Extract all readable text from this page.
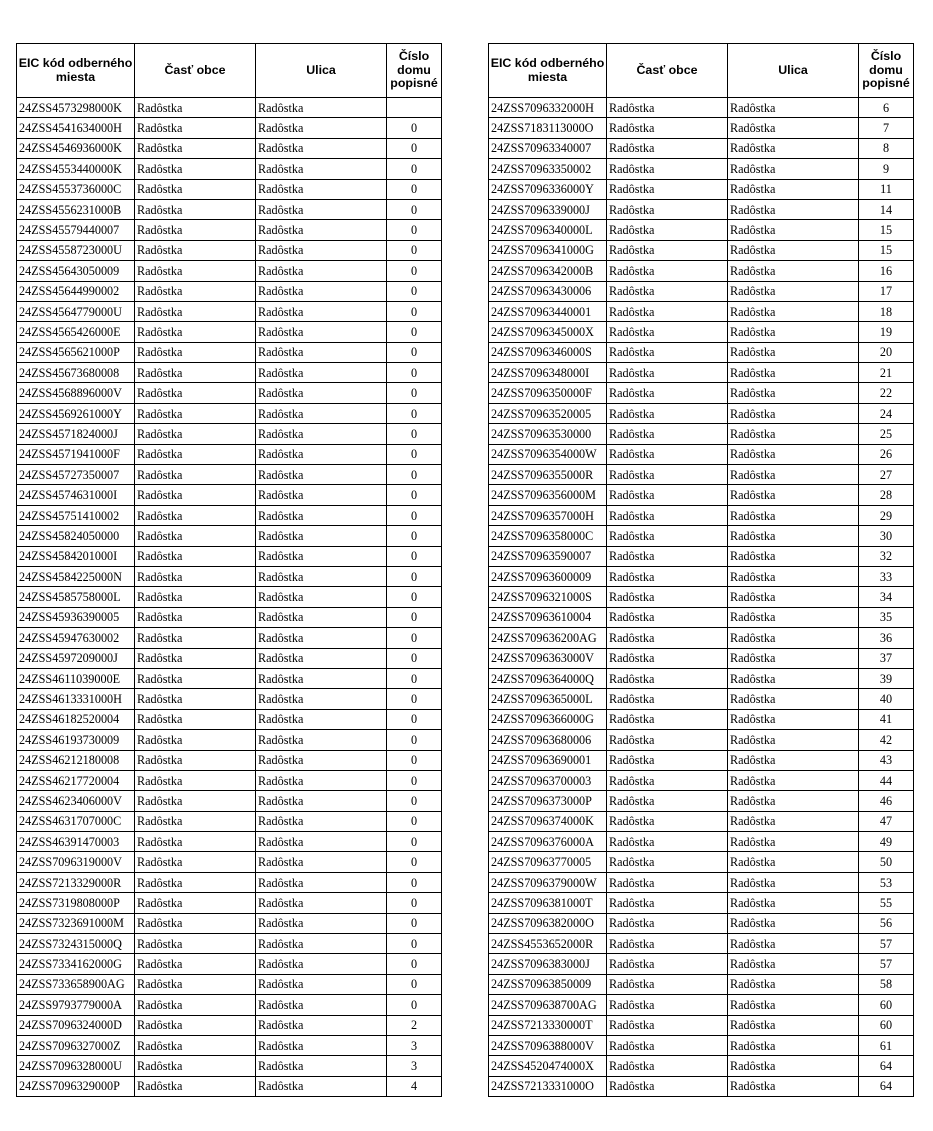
EIC kód odberného miesta	Časť obce	Ulica	Číslo domu popisné
24ZSS4573298000K	Radôstka	Radôstka	
24ZSS4541634000H	Radôstka	Radôstka	0
24ZSS4546936000K	Radôstka	Radôstka	0
24ZSS4553440000K	Radôstka	Radôstka	0
24ZSS4553736000C	Radôstka	Radôstka	0
24ZSS4556231000B	Radôstka	Radôstka	0
24ZSS45579440007	Radôstka	Radôstka	0
24ZSS4558723000U	Radôstka	Radôstka	0
24ZSS45643050009	Radôstka	Radôstka	0
24ZSS45644990002	Radôstka	Radôstka	0
24ZSS4564779000U	Radôstka	Radôstka	0
24ZSS4565426000E	Radôstka	Radôstka	0
24ZSS4565621000P	Radôstka	Radôstka	0
24ZSS45673680008	Radôstka	Radôstka	0
24ZSS4568896000V	Radôstka	Radôstka	0
24ZSS4569261000Y	Radôstka	Radôstka	0
24ZSS4571824000J	Radôstka	Radôstka	0
24ZSS4571941000F	Radôstka	Radôstka	0
24ZSS45727350007	Radôstka	Radôstka	0
24ZSS4574631000I	Radôstka	Radôstka	0
24ZSS45751410002	Radôstka	Radôstka	0
24ZSS45824050000	Radôstka	Radôstka	0
24ZSS4584201000I	Radôstka	Radôstka	0
24ZSS4584225000N	Radôstka	Radôstka	0
24ZSS4585758000L	Radôstka	Radôstka	0
24ZSS45936390005	Radôstka	Radôstka	0
24ZSS45947630002	Radôstka	Radôstka	0
24ZSS4597209000J	Radôstka	Radôstka	0
24ZSS4611039000E	Radôstka	Radôstka	0
24ZSS4613331000H	Radôstka	Radôstka	0
24ZSS46182520004	Radôstka	Radôstka	0
24ZSS46193730009	Radôstka	Radôstka	0
24ZSS46212180008	Radôstka	Radôstka	0
24ZSS46217720004	Radôstka	Radôstka	0
24ZSS4623406000V	Radôstka	Radôstka	0
24ZSS4631707000C	Radôstka	Radôstka	0
24ZSS46391470003	Radôstka	Radôstka	0
24ZSS7096319000V	Radôstka	Radôstka	0
24ZSS7213329000R	Radôstka	Radôstka	0
24ZSS7319808000P	Radôstka	Radôstka	0
24ZSS7323691000M	Radôstka	Radôstka	0
24ZSS7324315000Q	Radôstka	Radôstka	0
24ZSS7334162000G	Radôstka	Radôstka	0
24ZSS733658900AG	Radôstka	Radôstka	0
24ZSS9793779000A	Radôstka	Radôstka	0
24ZSS7096324000D	Radôstka	Radôstka	2
24ZSS7096327000Z	Radôstka	Radôstka	3
24ZSS7096328000U	Radôstka	Radôstka	3
24ZSS7096329000P	Radôstka	Radôstka	4
EIC kód odberného miesta	Časť obce	Ulica	Číslo domu popisné
24ZSS7096332000H	Radôstka	Radôstka	6
24ZSS7183113000O	Radôstka	Radôstka	7
24ZSS70963340007	Radôstka	Radôstka	8
24ZSS70963350002	Radôstka	Radôstka	9
24ZSS7096336000Y	Radôstka	Radôstka	11
24ZSS7096339000J	Radôstka	Radôstka	14
24ZSS7096340000L	Radôstka	Radôstka	15
24ZSS7096341000G	Radôstka	Radôstka	15
24ZSS7096342000B	Radôstka	Radôstka	16
24ZSS70963430006	Radôstka	Radôstka	17
24ZSS70963440001	Radôstka	Radôstka	18
24ZSS7096345000X	Radôstka	Radôstka	19
24ZSS7096346000S	Radôstka	Radôstka	20
24ZSS7096348000I	Radôstka	Radôstka	21
24ZSS7096350000F	Radôstka	Radôstka	22
24ZSS70963520005	Radôstka	Radôstka	24
24ZSS70963530000	Radôstka	Radôstka	25
24ZSS7096354000W	Radôstka	Radôstka	26
24ZSS7096355000R	Radôstka	Radôstka	27
24ZSS7096356000M	Radôstka	Radôstka	28
24ZSS7096357000H	Radôstka	Radôstka	29
24ZSS7096358000C	Radôstka	Radôstka	30
24ZSS70963590007	Radôstka	Radôstka	32
24ZSS70963600009	Radôstka	Radôstka	33
24ZSS7096321000S	Radôstka	Radôstka	34
24ZSS70963610004	Radôstka	Radôstka	35
24ZSS709636200AG	Radôstka	Radôstka	36
24ZSS7096363000V	Radôstka	Radôstka	37
24ZSS7096364000Q	Radôstka	Radôstka	39
24ZSS7096365000L	Radôstka	Radôstka	40
24ZSS7096366000G	Radôstka	Radôstka	41
24ZSS70963680006	Radôstka	Radôstka	42
24ZSS70963690001	Radôstka	Radôstka	43
24ZSS70963700003	Radôstka	Radôstka	44
24ZSS7096373000P	Radôstka	Radôstka	46
24ZSS7096374000K	Radôstka	Radôstka	47
24ZSS7096376000A	Radôstka	Radôstka	49
24ZSS70963770005	Radôstka	Radôstka	50
24ZSS7096379000W	Radôstka	Radôstka	53
24ZSS7096381000T	Radôstka	Radôstka	55
24ZSS7096382000O	Radôstka	Radôstka	56
24ZSS4553652000R	Radôstka	Radôstka	57
24ZSS7096383000J	Radôstka	Radôstka	57
24ZSS70963850009	Radôstka	Radôstka	58
24ZSS709638700AG	Radôstka	Radôstka	60
24ZSS7213330000T	Radôstka	Radôstka	60
24ZSS7096388000V	Radôstka	Radôstka	61
24ZSS4520474000X	Radôstka	Radôstka	64
24ZSS7213331000O	Radôstka	Radôstka	64
